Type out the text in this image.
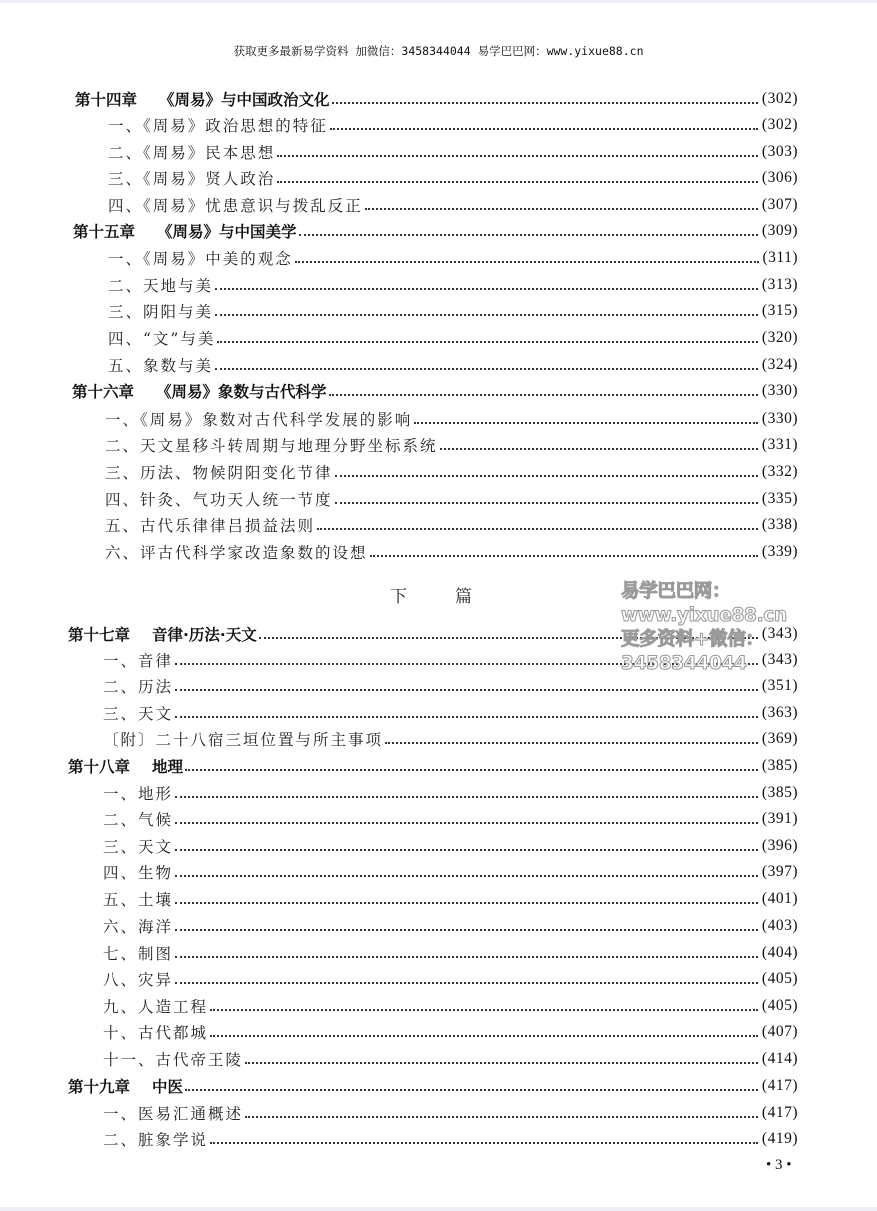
获取更多最新易学资料 加微信：3458344044 易学巴巴网：www.yixue88.cn
第十四章 《周易》与中国政治文化	(302)
一、《周易》政治思想的特征	(302)
二、《周易》民本思想	(303)
三、《周易》贤人政治	(306)
四、《周易》忧患意识与拨乱反正	(307)
第十五章 《周易》与中国美学	(309)
一、《周易》中美的观念	(311)
二、天地与美	(313)
三、阴阳与美	(315)
四、“文”与美	(320)
五、象数与美	(324)
第十六章 《周易》象数与古代科学	(330)
一、《周易》象数对古代科学发展的影响	(330)
二、天文星移斗转周期与地理分野坐标系统	(331)
三、历法、物候阴阳变化节律	(332)
四、针灸、气功天人统一节度	(335)
五、古代乐律律吕损益法则	(338)
六、评古代科学家改造象数的设想	(339)
第十七章 音律·历法·天文	(343)
一、音律	(343)
二、历法	(351)
三、天文	(363)
〔附〕二十八宿三垣位置与所主事项	(369)
第十八章 地理	(385)
一、地形	(385)
二、气候	(391)
三、天文	(396)
四、生物	(397)
五、土壤	(401)
六、海洋	(403)
七、制图	(404)
八、灾异	(405)
九、人造工程	(405)
十、古代都城	(407)
十一、古代帝王陵	(414)
第十九章 中医	(417)
一、医易汇通概述	(417)
二、脏象学说	(419)
下篇	易学巴巴网：www.yixue88.cn
更多资料+微信：3458344044
• 3 •
